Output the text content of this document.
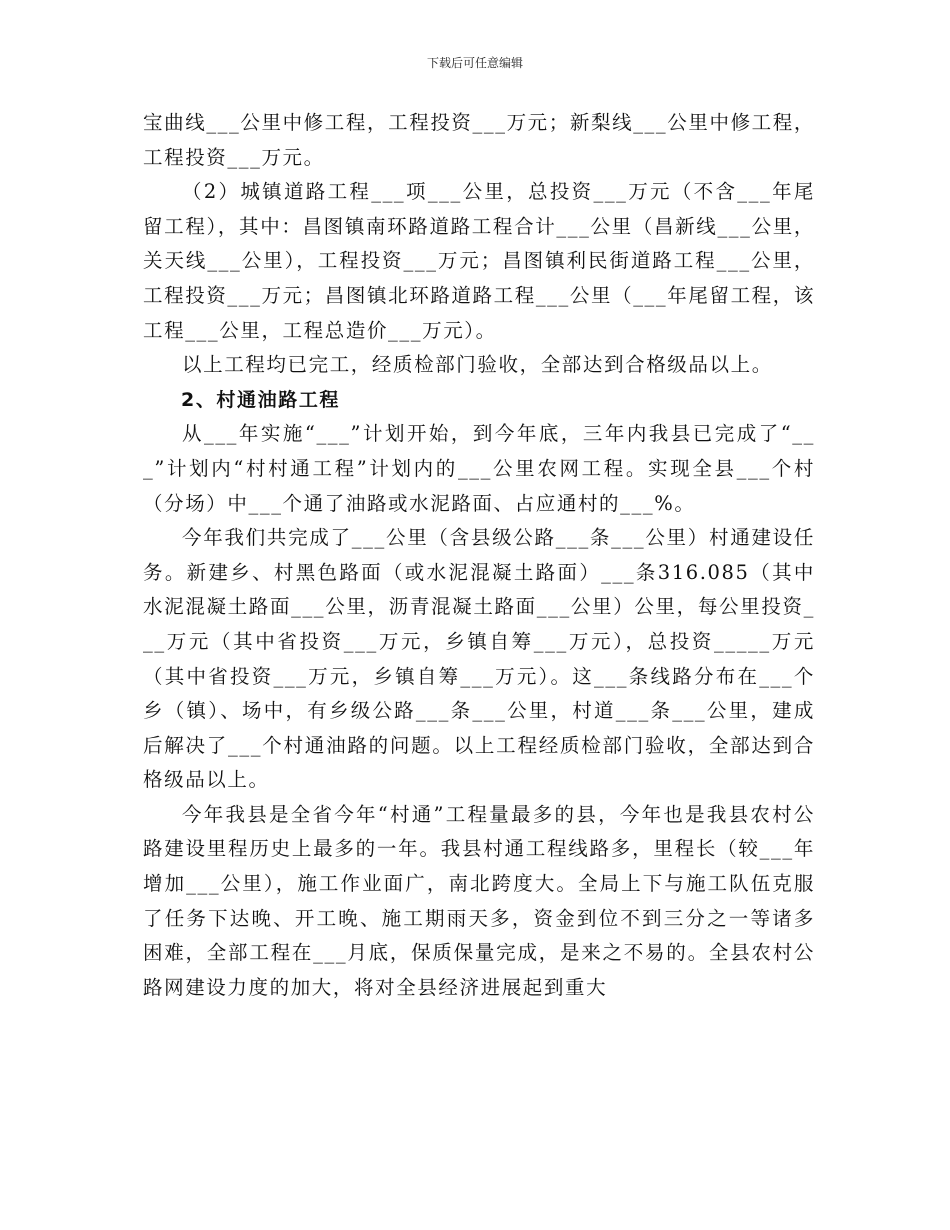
下载后可任意编辑

宝曲线___公里中修工程，工程投资___万元；新梨线___公里中修工程，工程投资___万元。

（2）城镇道路工程___项___公里，总投资___万元（不含___年尾留工程），其中：昌图镇南环路道路工程合计___公里（昌新线___公里，关天线___公里），工程投资___万元；昌图镇利民街道路工程___公里，工程投资___万元；昌图镇北环路道路工程___公里（___年尾留工程，该工程___公里，工程总造价___万元）。

以上工程均已完工，经质检部门验收，全部达到合格级品以上。

2、村通油路工程

从___年实施“___”计划开始，到今年底，三年内我县已完成了“___”计划内“村村通工程”计划内的___公里农网工程。实现全县___个村（分场）中___个通了油路或水泥路面、占应通村的___%。

今年我们共完成了___公里（含县级公路___条___公里）村通建设任务。新建乡、村黑色路面（或水泥混凝土路面）___条316.085（其中水泥混凝土路面___公里，沥青混凝土路面___公里）公里，每公里投资___万元（其中省投资___万元，乡镇自筹___万元），总投资_____万元（其中省投资___万元，乡镇自筹___万元）。这___条线路分布在___个乡（镇）、场中，有乡级公路___条___公里，村道___条___公里，建成后解决了___个村通油路的问题。以上工程经质检部门验收，全部达到合格级品以上。

今年我县是全省今年“村通”工程量最多的县，今年也是我县农村公路建设里程历史上最多的一年。我县村通工程线路多，里程长（较___年增加___公里），施工作业面广，南北跨度大。全局上下与施工队伍克服了任务下达晚、开工晚、施工期雨天多，资金到位不到三分之一等诸多困难，全部工程在___月底，保质保量完成，是来之不易的。全县农村公路网建设力度的加大，将对全县经济进展起到重大
